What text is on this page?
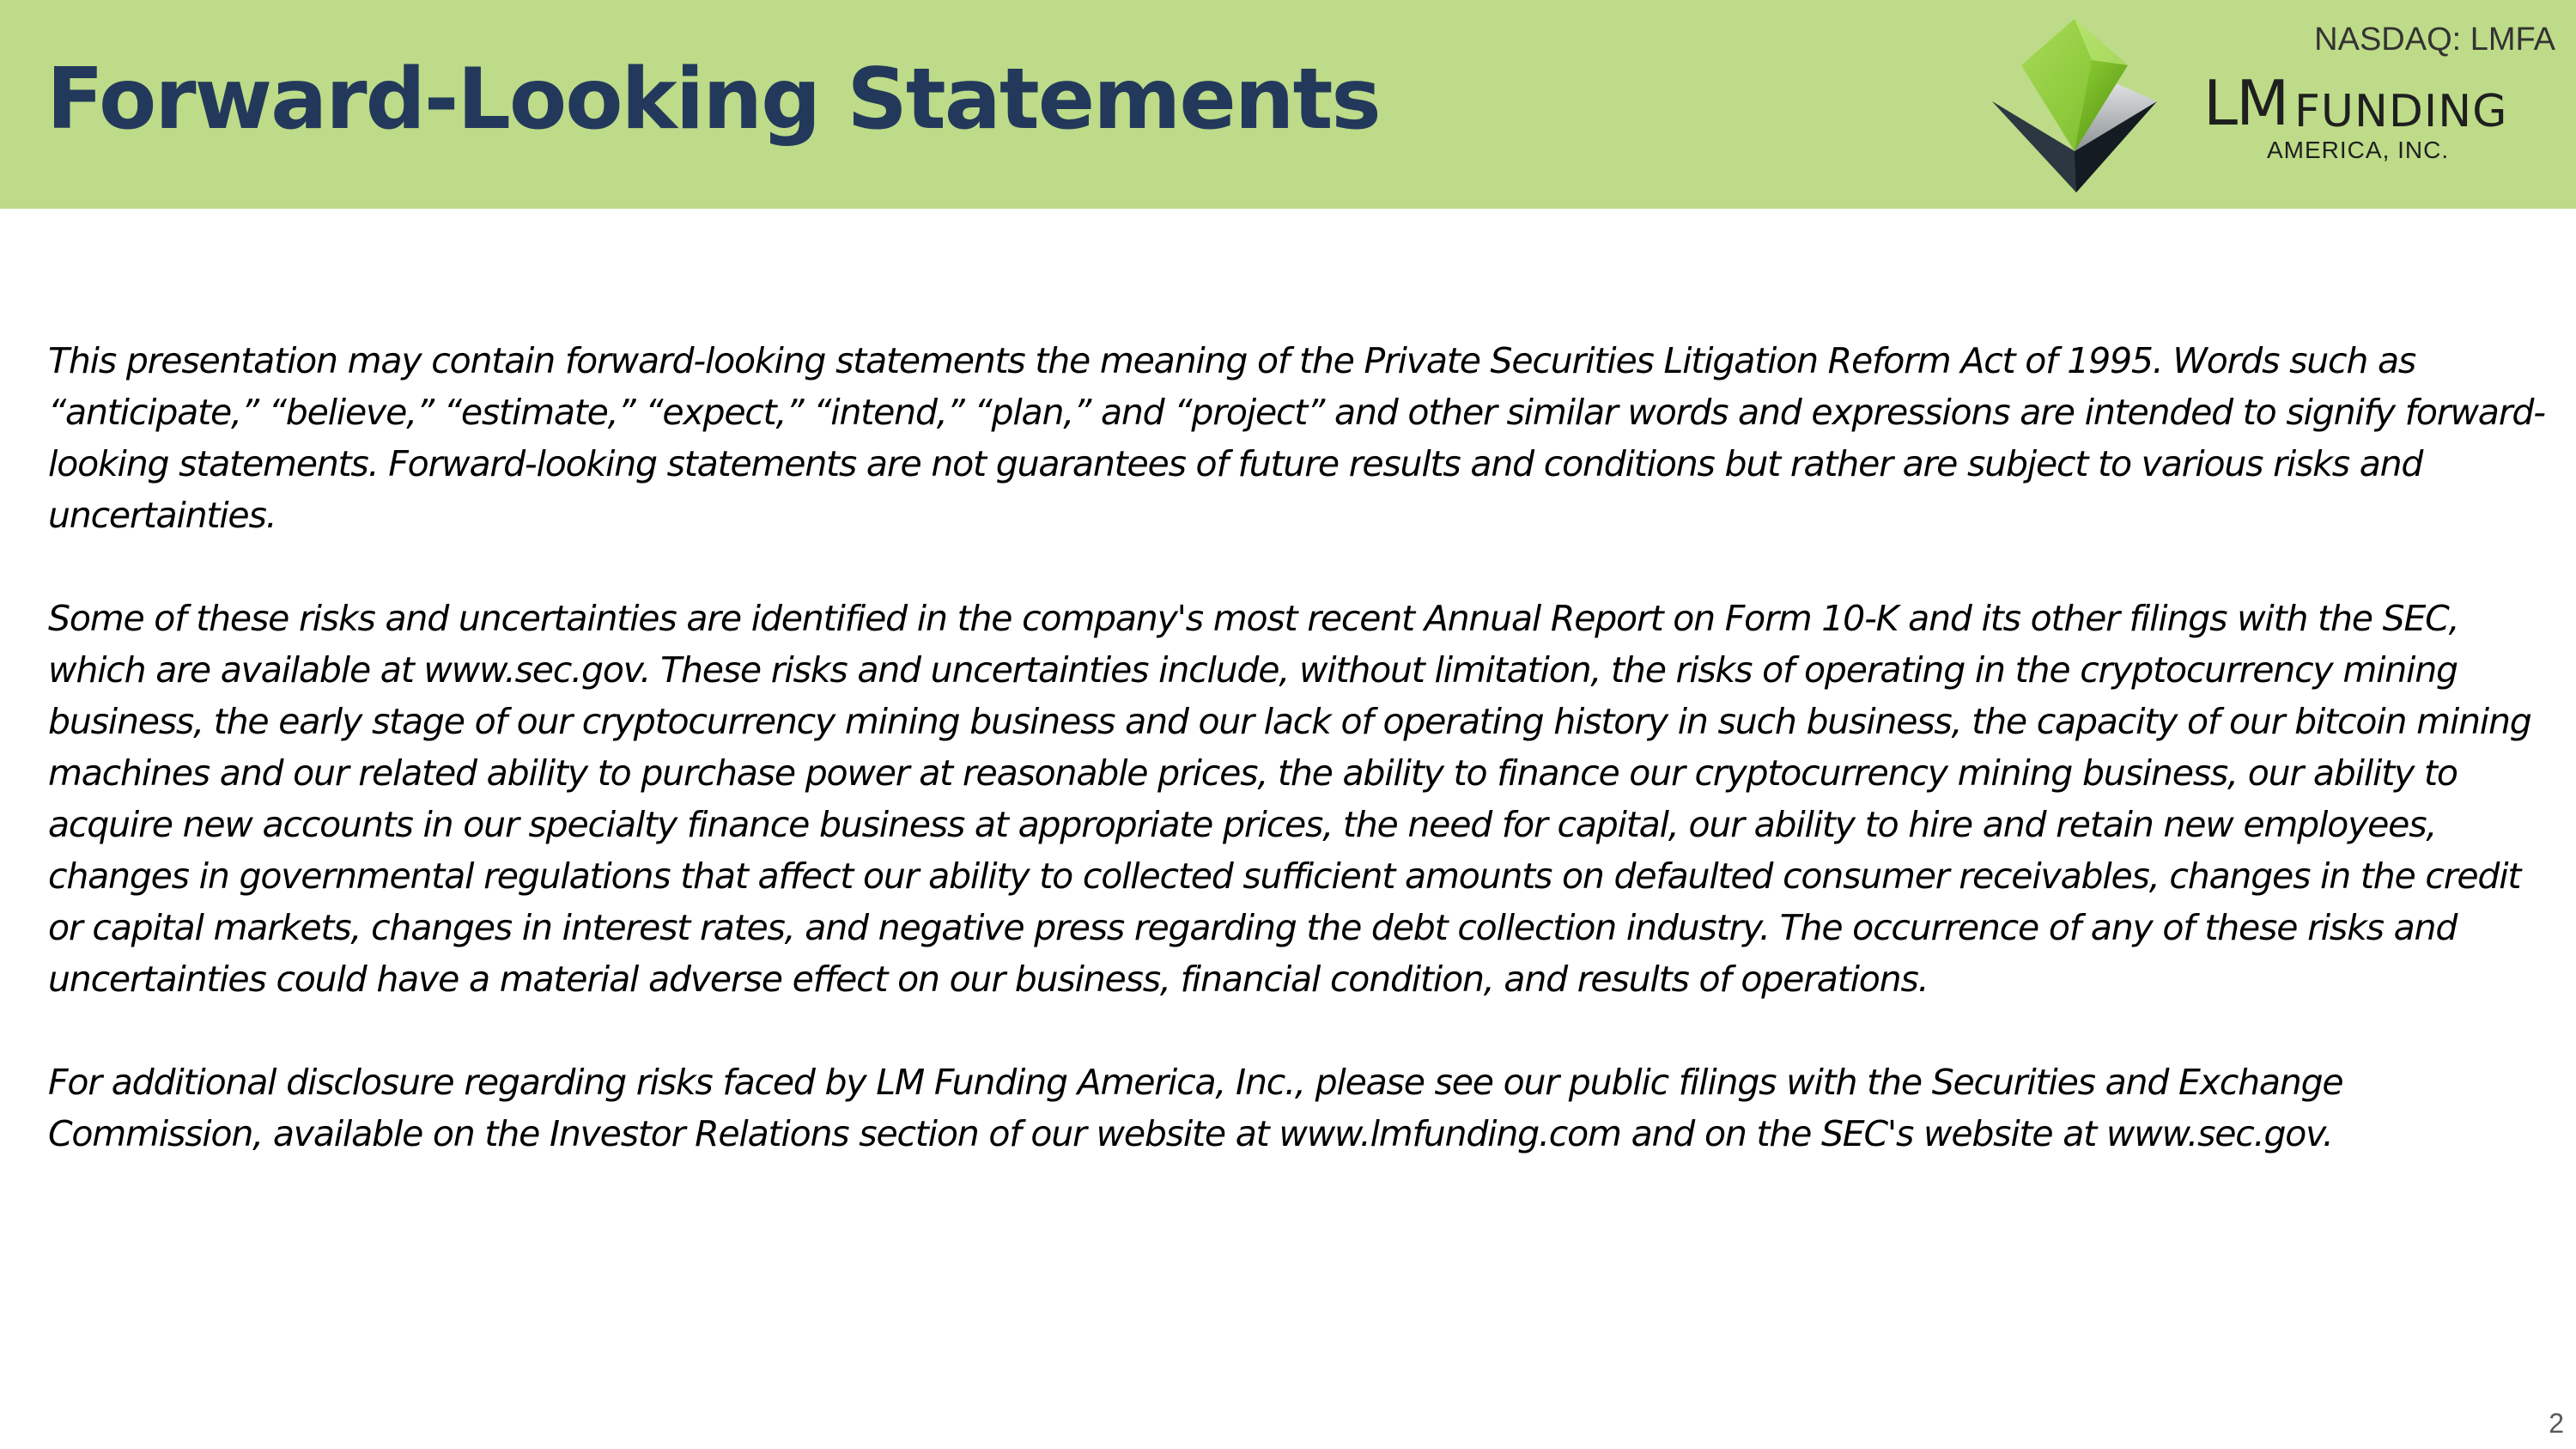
Forward-Looking Statements
NASDAQ: LMFA
LM FUNDING
AMERICA, INC.

This presentation may contain forward-looking statements the meaning of the Private Securities Litigation Reform Act of 1995. Words such as “anticipate,” “believe,” “estimate,” “expect,” “intend,” “plan,” and “project” and other similar words and expressions are intended to signify forward-looking statements. Forward-looking statements are not guarantees of future results and conditions but rather are subject to various risks and uncertainties.

Some of these risks and uncertainties are identified in the company's most recent Annual Report on Form 10-K and its other filings with the SEC, which are available at www.sec.gov. These risks and uncertainties include, without limitation, the risks of operating in the cryptocurrency mining business, the early stage of our cryptocurrency mining business and our lack of operating history in such business, the capacity of our bitcoin mining machines and our related ability to purchase power at reasonable prices, the ability to finance our cryptocurrency mining business, our ability to acquire new accounts in our specialty finance business at appropriate prices, the need for capital, our ability to hire and retain new employees, changes in governmental regulations that affect our ability to collected sufficient amounts on defaulted consumer receivables, changes in the credit or capital markets, changes in interest rates, and negative press regarding the debt collection industry. The occurrence of any of these risks and uncertainties could have a material adverse effect on our business, financial condition, and results of operations.

For additional disclosure regarding risks faced by LM Funding America, Inc., please see our public filings with the Securities and Exchange Commission, available on the Investor Relations section of our website at www.lmfunding.com and on the SEC's website at www.sec.gov.

2
